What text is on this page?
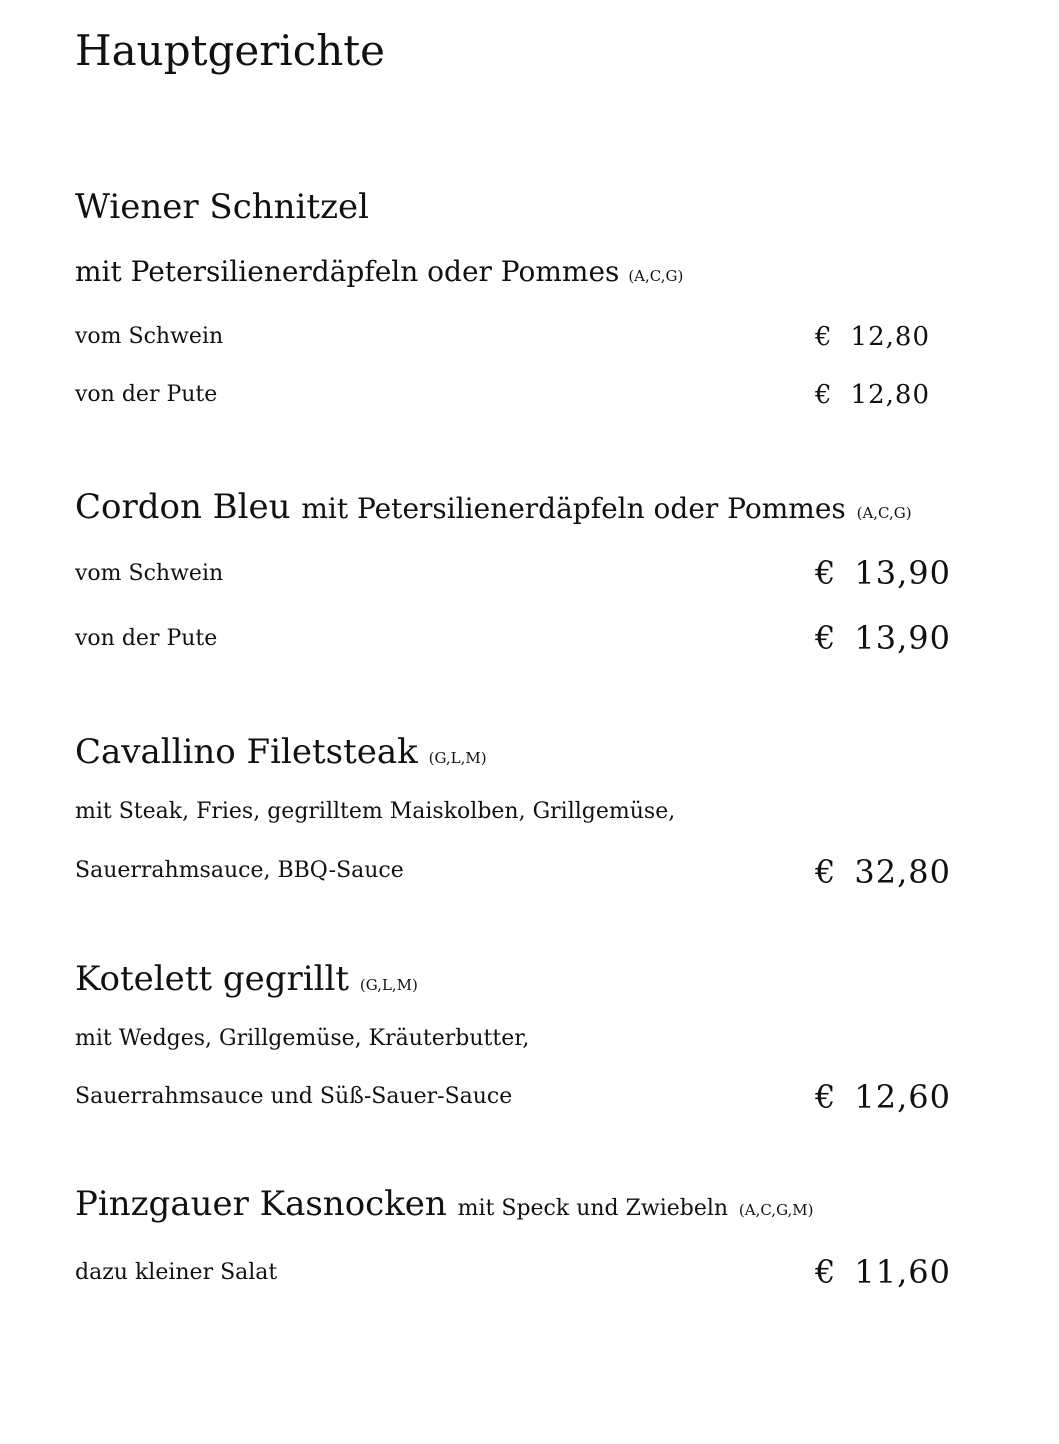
Hauptgerichte
Wiener Schnitzel
mit Petersilienerdäpfeln oder Pommes (A,C,G)
vom Schwein	€ 12,80
von der Pute	€ 12,80
Cordon Bleu mit Petersilienerdäpfeln oder Pommes (A,C,G)
vom Schwein	€ 13,90
von der Pute	€ 13,90
Cavallino Filetsteak (G,L,M)
mit Steak, Fries, gegrilltem Maiskolben, Grillgemüse,
Sauerrahmsauce, BBQ-Sauce	€ 32,80
Kotelett gegrillt (G,L,M)
mit Wedges, Grillgemüse, Kräuterbutter,
Sauerrahmsauce und Süß-Sauer-Sauce	€ 12,60
Pinzgauer Kasnocken mit Speck und Zwiebeln (A,C,G,M)
dazu kleiner Salat	€ 11,60
